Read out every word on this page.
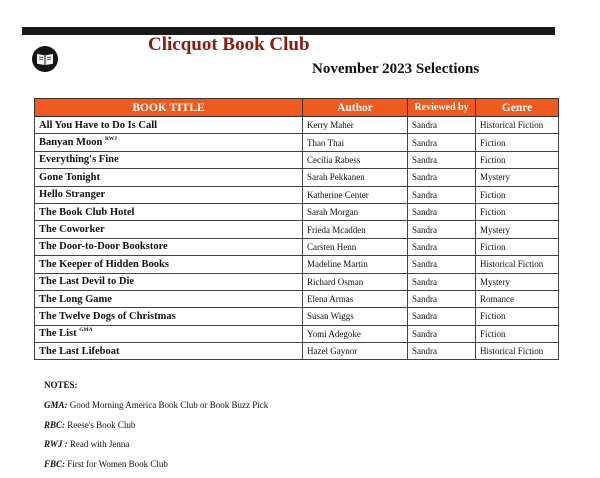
Clicquot Book Club
November 2023 Selections
BOOK TITLE	Author	Reviewed by	Genre
All You Have to Do Is Call	Kerry Maher	Sandra	Historical Fiction
Banyan Moon $^{RWJ}$	Thao Thai	Sandra	Fiction
Everything's Fine	Cecilia Rabess	Sandra	Fiction
Gone Tonight	Sarah Pekkanen	Sandra	Mystery
Hello Stranger	Katherine Center	Sandra	Fiction
The Book Club Hotel	Sarah Morgan	Sandra	Fiction
The Coworker	Frieda Mcadden	Sandra	Mystery
The Door-to-Door Bookstore	Carsten Henn	Sandra	Fiction
The Keeper of Hidden Books	Madeline Martin	Sandra	Historical Fiction
The Last Devil to Die	Richard Osman	Sandra	Mystery
The Long Game	Elena Armas	Sandra	Romance
The Twelve Dogs of Christmas	Susan Wiggs	Sandra	Fiction
The List $^{GMA}$	Yomi Adegoke	Sandra	Fiction
The Last Lifeboat	Hazel Gaynor	Sandra	Historical Fiction
NOTES:
GMA: Good Morning America Book Club or Book Buzz Pick
RBC: Reese's Book Club
RWJ : Read with Jenna
FBC: First for Women Book Club
